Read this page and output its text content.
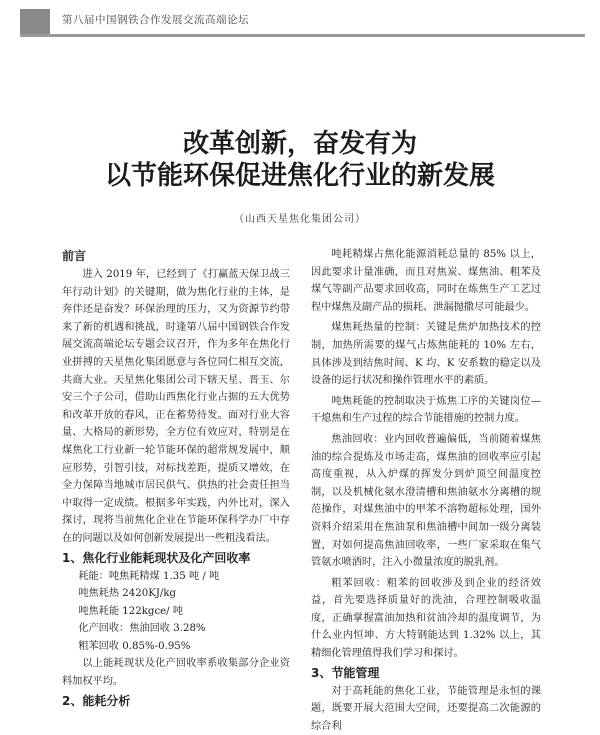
第八届中国钢铁合作发展交流高端论坛
改革创新，奋发有为
以节能环保促进焦化行业的新发展
（山西天星焦化集团公司）
前言

进入 2019 年，已经到了《打赢蓝天保卫战三年行动计划》的关键期，做为焦化行业的主体，是奔伴还是奋发？环保治理的压力，又为资源节约带来了新的机遇和挑战，时逢第八届中国钢铁合作发展交流高端论坛专题会议召开，作为多年在焦化行业拼搏的天星焦化集团愿意与各位同仁相互交流，共商大业。天星焦化集团公司下辖天星、晋玉、尔安三个子公司，借助山西焦化行业占据的五大优势和改革开放的春风，正在蓄势待发。面对行业大容量、大格局的新形势，全方位有效应对，特别是在煤焦化工行业新一轮节能环保的超常规发展中，顺应形势，引智引技，对标找差距，提质又增效，在全力保障当地城市居民供气、供热的社会责任担当中取得一定成绩。根据多年实践，内外比对，深入探讨，现将当前焦化企业在节能环保科学办厂中存在的问题以及如何创新发展提出一些粗浅看法。

1、焦化行业能耗现状及化产回收率

耗能：吨焦耗精煤 1.35 吨 / 吨

吨焦耗热 2420KJ/kg

吨焦耗能 122kgce/ 吨

化产回收：焦油回收 3.28%

粗苯回收 0.85%-0.95%

以上能耗现状及化产回收率系收集部分企业资料加权平均。

2、能耗分析

吨耗精煤占焦化能源消耗总量的 85% 以上，因此要求计量准确，而且对焦炭、煤焦油、粗苯及煤气等副产品要求回收高，同时在炼焦生产工艺过程中煤焦及副产品的损耗、泄漏抛撒尽可能最少。

煤焦耗热量的控制：关键是焦炉加热技术的控制，加热所需要的煤气占炼焦能耗的 10% 左右，具体涉及到结焦时间、K 均、K 安系数的稳定以及设备的运行状况和操作管理水平的素质。

吨焦耗能的控制取决于炼焦工序的关键岗位—干熄焦和生产过程的综合节能措施的控制力度。

焦油回收：业内回收普遍偏低，当前随着煤焦油的综合提炼及市场走高，煤焦油的回收率应引起高度重视，从入炉煤的挥发分到炉顶空间温度控制，以及机械化氨水澄清槽和焦油氨水分离槽的规范操作，对煤焦油中的甲苯不溶物超标处理，国外资料介绍采用在焦油泵和焦油槽中间加一级分离装置，对如何提高焦油回收率，一些厂家采取在集气管氨水喷洒时，注入小微量浓度的脱乳剂。

粗苯回收：粗苯的回收涉及到企业的经济效益，首先要选择质量好的洗油，合理控制吸收温度，正确掌握富油加热和贫油冷却的温度调节，为什么业内恒坤、方大特钢能达到 1.32% 以上，其精细化管理值得我们学习和探讨。

3、节能管理

对于高耗能的焦化工业，节能管理是永恒的课题，既要开展大范围大空间，还要提高二次能源的综合利
